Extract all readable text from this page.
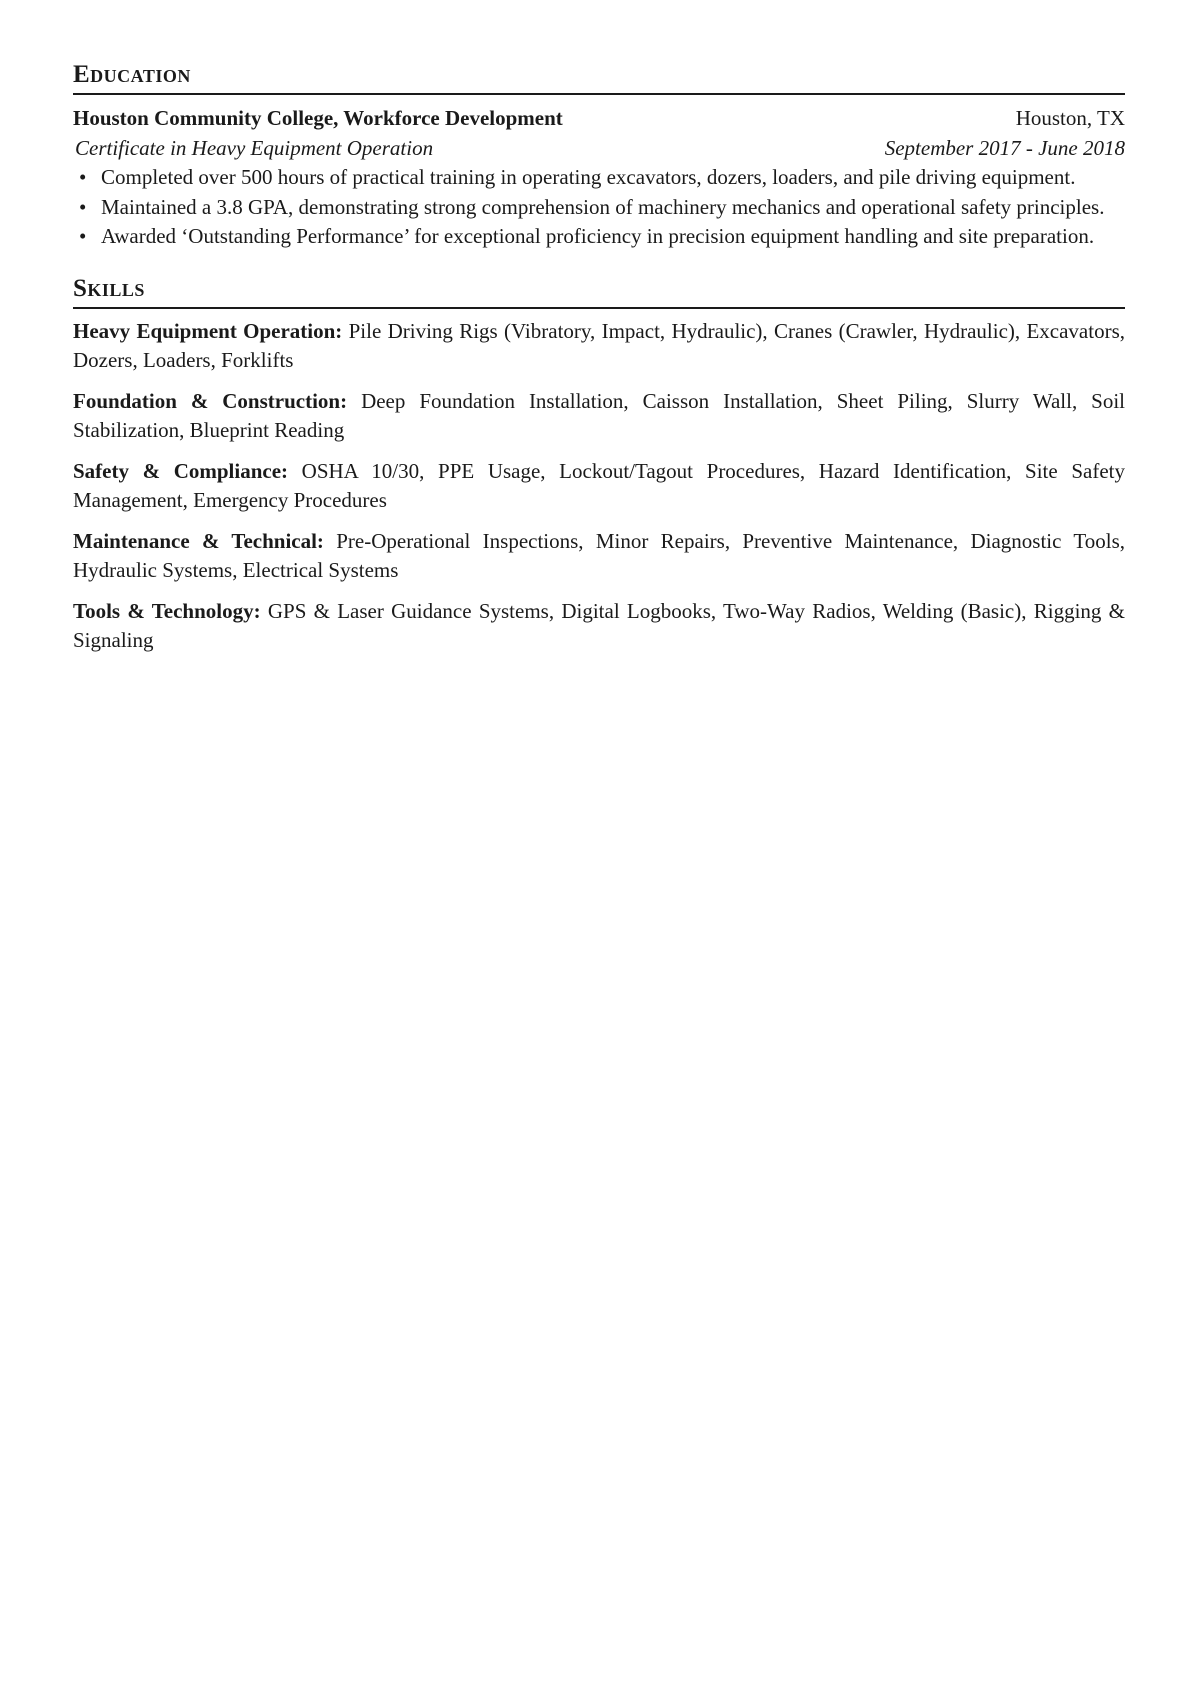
Education
Houston Community College, Workforce Development	Houston, TX
Certificate in Heavy Equipment Operation	September 2017 - June 2018
• Completed over 500 hours of practical training in operating excavators, dozers, loaders, and pile driving equipment.
• Maintained a 3.8 GPA, demonstrating strong comprehension of machinery mechanics and operational safety principles.
• Awarded ‘Outstanding Performance’ for exceptional proficiency in precision equipment handling and site preparation.
Skills

Heavy Equipment Operation: Pile Driving Rigs (Vibratory, Impact, Hydraulic), Cranes (Crawler, Hydraulic), Excavators, Dozers, Loaders, Forklifts

Foundation & Construction: Deep Foundation Installation, Caisson Installation, Sheet Piling, Slurry Wall, Soil Stabilization, Blueprint Reading

Safety & Compliance: OSHA 10/30, PPE Usage, Lockout/Tagout Procedures, Hazard Identification, Site Safety Management, Emergency Procedures

Maintenance & Technical: Pre-Operational Inspections, Minor Repairs, Preventive Maintenance, Diagnostic Tools, Hydraulic Systems, Electrical Systems

Tools & Technology: GPS & Laser Guidance Systems, Digital Logbooks, Two-Way Radios, Welding (Basic), Rigging & Signaling
